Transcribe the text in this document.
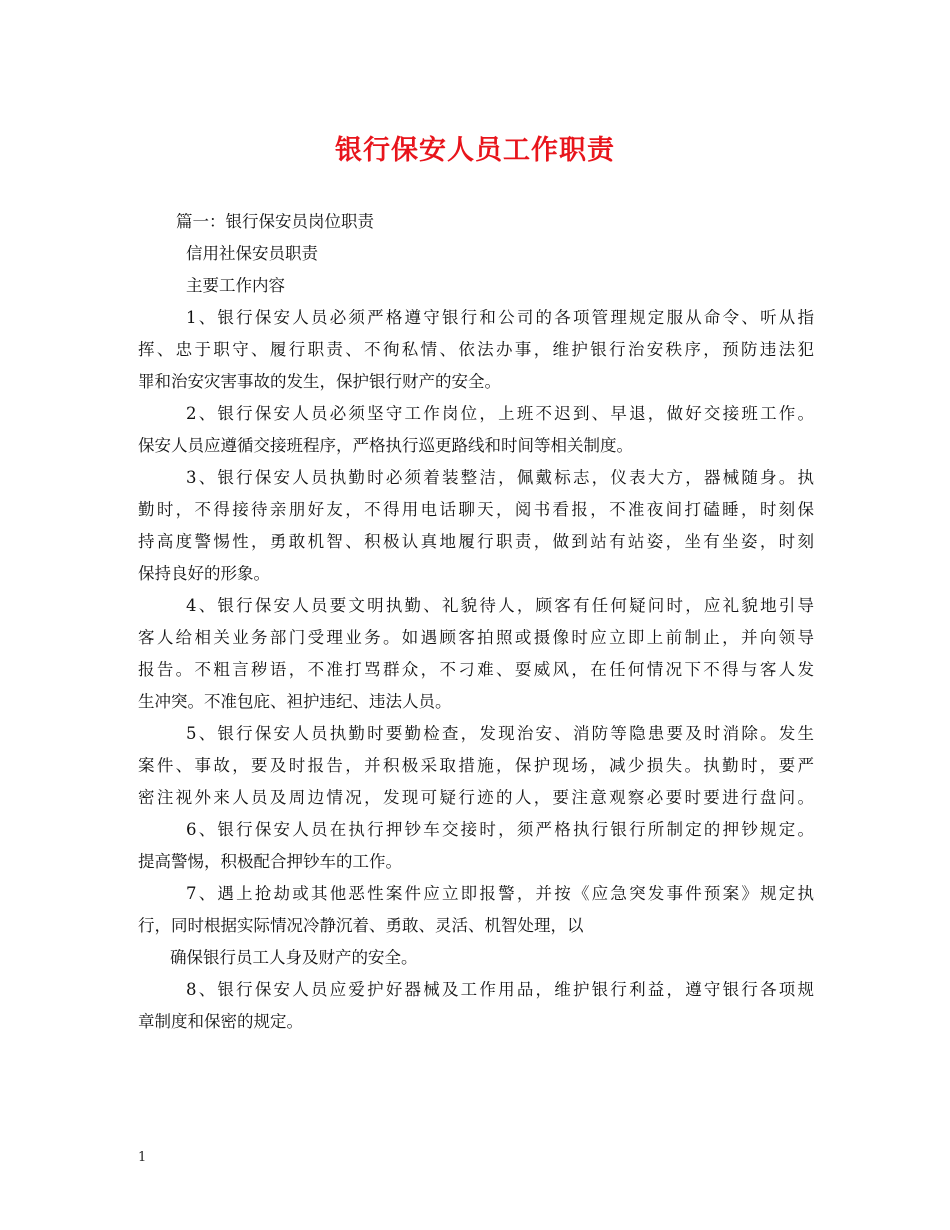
银行保安人员工作职责

篇一：银行保安员岗位职责

信用社保安员职责

主要工作内容

1、银行保安人员必须严格遵守银行和公司的各项管理规定服从命令、听从指

挥、忠于职守、履行职责、不徇私情、依法办事，维护银行治安秩序，预防违法犯

罪和治安灾害事故的发生，保护银行财产的安全。

2、银行保安人员必须坚守工作岗位，上班不迟到、早退，做好交接班工作。

保安人员应遵循交接班程序，严格执行巡更路线和时间等相关制度。

3、银行保安人员执勤时必须着装整洁，佩戴标志，仪表大方，器械随身。执

勤时，不得接待亲朋好友，不得用电话聊天，阅书看报，不准夜间打磕睡，时刻保

持高度警惕性，勇敢机智、积极认真地履行职责，做到站有站姿，坐有坐姿，时刻

保持良好的形象。

4、银行保安人员要文明执勤、礼貌待人，顾客有任何疑问时，应礼貌地引导

客人给相关业务部门受理业务。如遇顾客拍照或摄像时应立即上前制止，并向领导

报告。不粗言秽语，不准打骂群众，不刁难、耍威风，在任何情况下不得与客人发

生冲突。不准包庇、袒护违纪、违法人员。

5、银行保安人员执勤时要勤检查，发现治安、消防等隐患要及时消除。发生

案件、事故，要及时报告，并积极采取措施，保护现场，减少损失。执勤时，要严

密注视外来人员及周边情况，发现可疑行迹的人，要注意观察必要时要进行盘问。

6、银行保安人员在执行押钞车交接时，须严格执行银行所制定的押钞规定。

提高警惕，积极配合押钞车的工作。

7、遇上抢劫或其他恶性案件应立即报警，并按《应急突发事件预案》规定执

行，同时根据实际情况冷静沉着、勇敢、灵活、机智处理，以

确保银行员工人身及财产的安全。

8、银行保安人员应爱护好器械及工作用品，维护银行利益，遵守银行各项规

章制度和保密的规定。

1
